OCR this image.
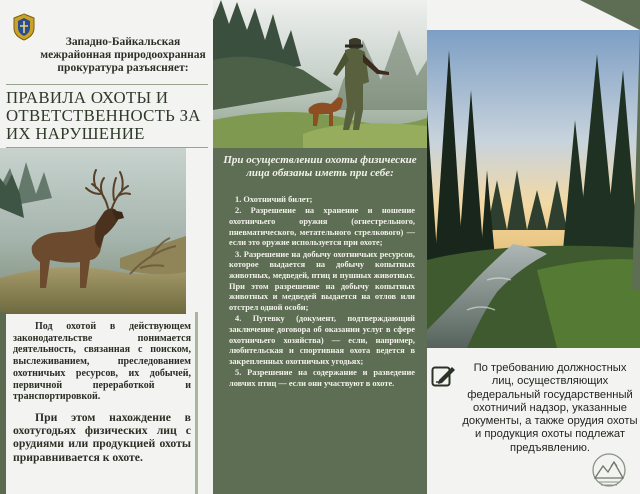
Западно-Байкальская межрайонная природоохранная прокуратура разъясняет:
ПРАВИЛА ОХОТЫ И ОТВЕТСТВЕННОСТЬ ЗА ИХ НАРУШЕНИЕ

Под охотой в действующем законодательстве понимается деятельность, связанная с поиском, выслеживанием, преследованием охотничьих ресурсов, их добычей, первичной переработкой и транспортировкой.

При этом нахождение в охотугодьях физических лиц с орудиями или продукцией охоты приравнивается к охоте.

При осуществлении охоты физические лица обязаны иметь при себе:

1. Охотничий билет;

2. Разрешение на хранение и ношение охотничьего оружия (огнестрельного, пневматического, метательного стрелкового) — если это оружие используется при охоте;

3. Разрешение на добычу охотничьих ресурсов, которое выдается на добычу копытных животных, медведей, птиц и пушных животных. При этом разрешение на добычу копытных животных и медведей выдается на отлов или отстрел одной особи;

4. Путевку (документ, подтверждающий заключение договора об оказании услуг в сфере охотничьего хозяйства) — если, например, любительская и спортивная охота ведется в закрепленных охотничьих угодьях;

5. Разрешение на содержание и разведение ловчих птиц — если они участвуют в охоте.

По требованию должностных лиц, осуществляющих федеральный государственный охотничий надзор, указанные документы, а также орудия охоты и продукция охоты подлежат предъявлению.
